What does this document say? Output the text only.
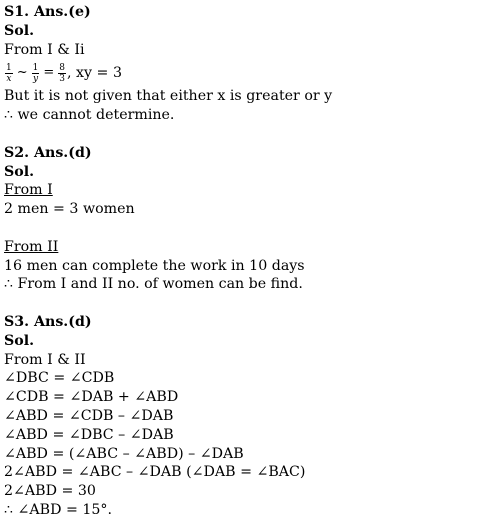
S1. Ans.(e)
Sol.
From I & Ii
$\frac{1}{x}$ ~ $\frac{1}{y} = \frac{8}{3}$ , xy = 3
But it is not given that either x is greater or y
∴ we cannot determine.
S2. Ans.(d)
Sol.
From I
2 men = 3 women
From II
16 men can complete the work in 10 days
∴ From I and II no. of women can be find.
S3. Ans.(d)
Sol.
From I & II
∠DBC = ∠CDB
∠CDB = ∠DAB + ∠ABD
∠ABD = ∠CDB – ∠DAB
∠ABD = ∠DBC – ∠DAB
∠ABD = (∠ABC – ∠ABD) – ∠DAB
2∠ABD = ∠ABC – ∠DAB (∠DAB = ∠BAC)
2∠ABD = 30
∴ ∠ABD = 15°.
